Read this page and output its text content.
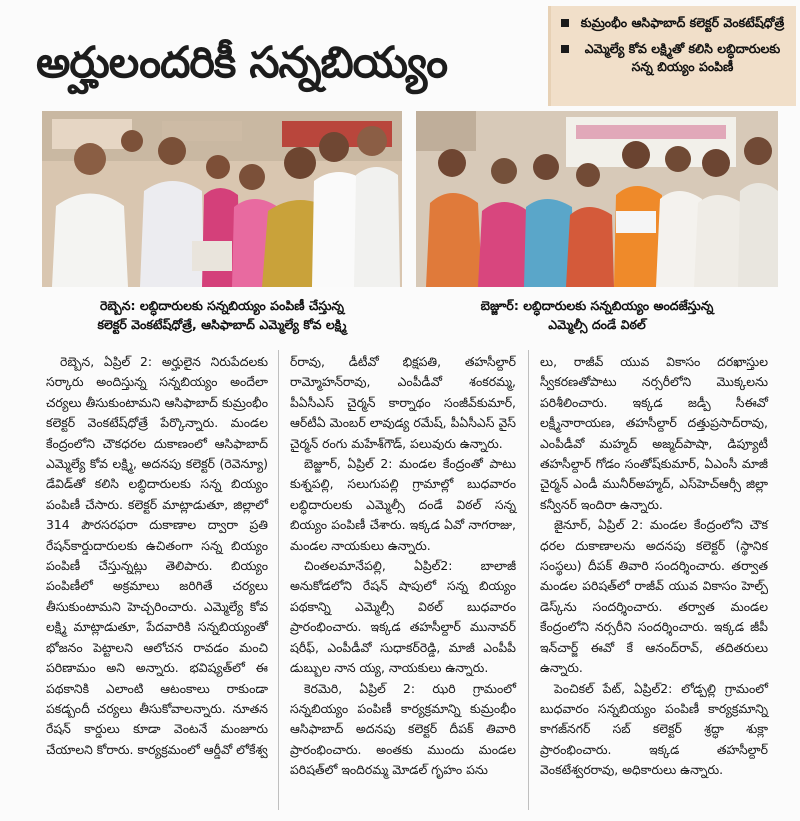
అర్హులందరికీ సన్నబియ్యం
కుమ్రంభీం ఆసిఫాబాద్ కలెక్టర్ వెంకటేష్‌ధోత్రే
ఎమ్మెల్యే కోవ లక్ష్మితో కలిసి లబ్ధిదారులకు సన్న బియ్యం పంపిణీ
రెబ్బెన: లబ్ధిదారులకు సన్నబియ్యం పంపిణీ చేస్తున్న
కలెక్టర్ వెంకటేష్‌ధోత్రే, ఆసిఫాబాద్ ఎమ్మెల్యే కోవ లక్ష్మి
బెజ్జూర్: లబ్ధిదారులకు సన్నబియ్యం అందజేస్తున్న
ఎమ్మెల్సీ దండే విఠల్

రెబ్బెన, ఏప్రిల్ 2: అర్హులైన నిరుపేదలకు సర్కారు అందిస్తున్న సన్నబియ్యం అందేలా చర్యలు తీసుకుంటామని ఆసిఫాబాద్ కుమ్రంభీం కలెక్టర్ వెంకటేష్‌ధోత్రే పేర్కొన్నారు. మండల కేంద్రంలోని చౌకధరల దుకాణంలో ఆసిఫాబాద్ ఎమ్మెల్యే కోవ లక్ష్మి, అదనపు కలెక్టర్ (రెవెన్యూ) డేవిడ్‌తో కలిసి లబ్ధిదారులకు సన్న బియ్యం పంపిణీ చేసారు. కలెక్టర్ మాట్లాడుతూ, జిల్లాలో 314 పౌరసరఫరా దుకాణాల ద్వారా ప్రతి రేషన్‌కార్డుదారులకు ఉచితంగా సన్న బియ్యం పంపిణీ చేస్తున్నట్లు తెలిపారు. బియ్యం పంపిణీలో అక్రమాలు జరిగితే చర్యలు తీసుకుంటామని హెచ్చరించారు. ఎమ్మెల్యే కోవ లక్ష్మి మాట్లాడుతూ, పేదవారికి సన్నబియ్యంతో భోజనం పెట్టాలని ఆలోచన రావడం మంచి పరిణామం అని అన్నారు. భవిష్యత్‌లో ఈ పథకానికి ఎలాంటి ఆటంకాలు రాకుండా పకడ్బందీ చర్యలు తీసుకోవాలన్నారు. నూతన రేషన్ కార్డులు కూడా వెంటనే మంజూరు చేయాలని కోరారు. కార్యక్రమంలో ఆర్డీవో లోకేశ్వ

ర్‌రావు, డీటీవో భిక్షపతి, తహసీల్దార్ రామ్మోహన్‌రావు, ఎంపీడీవో శంకరమ్మ, పీఏసీఎస్ చైర్మన్ కార్నాథం సంజీవ్‌కుమార్, ఆర్‌టీఏ మెంబర్ లావుడ్య రమేష్, పీఏసీఎస్ వైస్ చైర్మన్ రంగు మహేశ్‌గౌడ్, పలువురు ఉన్నారు.

బెజ్జూర్, ఏప్రిల్ 2: మండల కేంద్రంతో పాటు కుశ్నపల్లి, సలుగుపల్లి గ్రామాల్లో బుధవారం లబ్ధిదారులకు ఎమ్మెల్సీ దండే విఠల్ సన్న బియ్యం పంపిణీ చేశారు. ఇక్కడ ఏవో నాగరాజు, మండల నాయకులు ఉన్నారు.

చింతలమానేపల్లి, ఏప్రిల్2: బాలాజీ అనుకోడలోని రేషన్ షాపులో సన్న బియ్యం పథకాన్ని ఎమ్మెల్సీ విఠల్ బుధవారం ప్రారంభించారు. ఇక్కడ తహసీల్దార్ మునావర్ షరీఫ్, ఎంపీడీవో సుధాకర్‌రెడ్డి, మాజీ ఎంపీపీ డుబ్బుల నాన య్య, నాయకులు ఉన్నారు.

కెరమెరి, ఏప్రిల్ 2: ఝరి గ్రామంలో సన్నబియ్యం పంపిణీ కార్యక్రమాన్ని కుమ్రంభీం ఆసిఫాబాద్ అదనపు కలెక్టర్ దీపక్ తివారి ప్రారంభించారు. అంతకు ముందు మండల పరిషత్‌లో ఇందిరమ్మ మోడల్ గృహం పను

లు, రాజీవ్ యువ వికాసం దరఖాస్తుల స్వీకరణతోపాటు నర్సరీలోని మొక్కలను పరిశీలించారు. ఇక్కడ జడ్పీ సీఈవో లక్ష్మీనారాయణ, తహసీల్దార్ దత్తుప్రసాద్‌రావు, ఎంపీడీవో మహ్మద్ అజ్మద్‌పాషా, డిప్యూటీ తహసీల్దార్ గోడం సంతోష్‌కుమార్, ఏఎంసీ మాజీ చైర్మన్ ఎండీ మునీర్‌అహ్మద్, ఎస్‌హెచ్‌ఆర్సీ జిల్లా కన్వీనర్ ఇందిరా ఉన్నారు.

జైనూర్, ఏప్రిల్ 2: మండల కేంద్రంలోని చౌక ధరల దుకాణాలను అదనపు కలెక్టర్ (స్థానిక సంస్థలు) దీపక్ తివారి సందర్శించారు. తర్వాత మండల పరిషత్‌లో రాజీవ్ యువ వికాసం హెల్ప్ డెస్క్‌ను సందర్శించారు. తర్వాత మండల కేంద్రంలోని నర్సరీని సందర్శించారు. ఇక్కడ జీపీ ఇన్‌చార్జ్ ఈవో కే ఆనంద్‌రావ్, తదితరులు ఉన్నారు.

పెంచికల్ పేట్, ఏప్రిల్2: లోడ్పల్లి గ్రామంలో బుధవారం సన్నబియ్యం పంపిణీ కార్యక్రమాన్ని కాగజ్‌నగర్ సబ్ కలెక్టర్ శ్రద్ధా శుక్లా ప్రారంభించారు. ఇక్కడ తహసీల్దార్ వెంకటేశ్వరరావు, అధికారులు ఉన్నారు.
